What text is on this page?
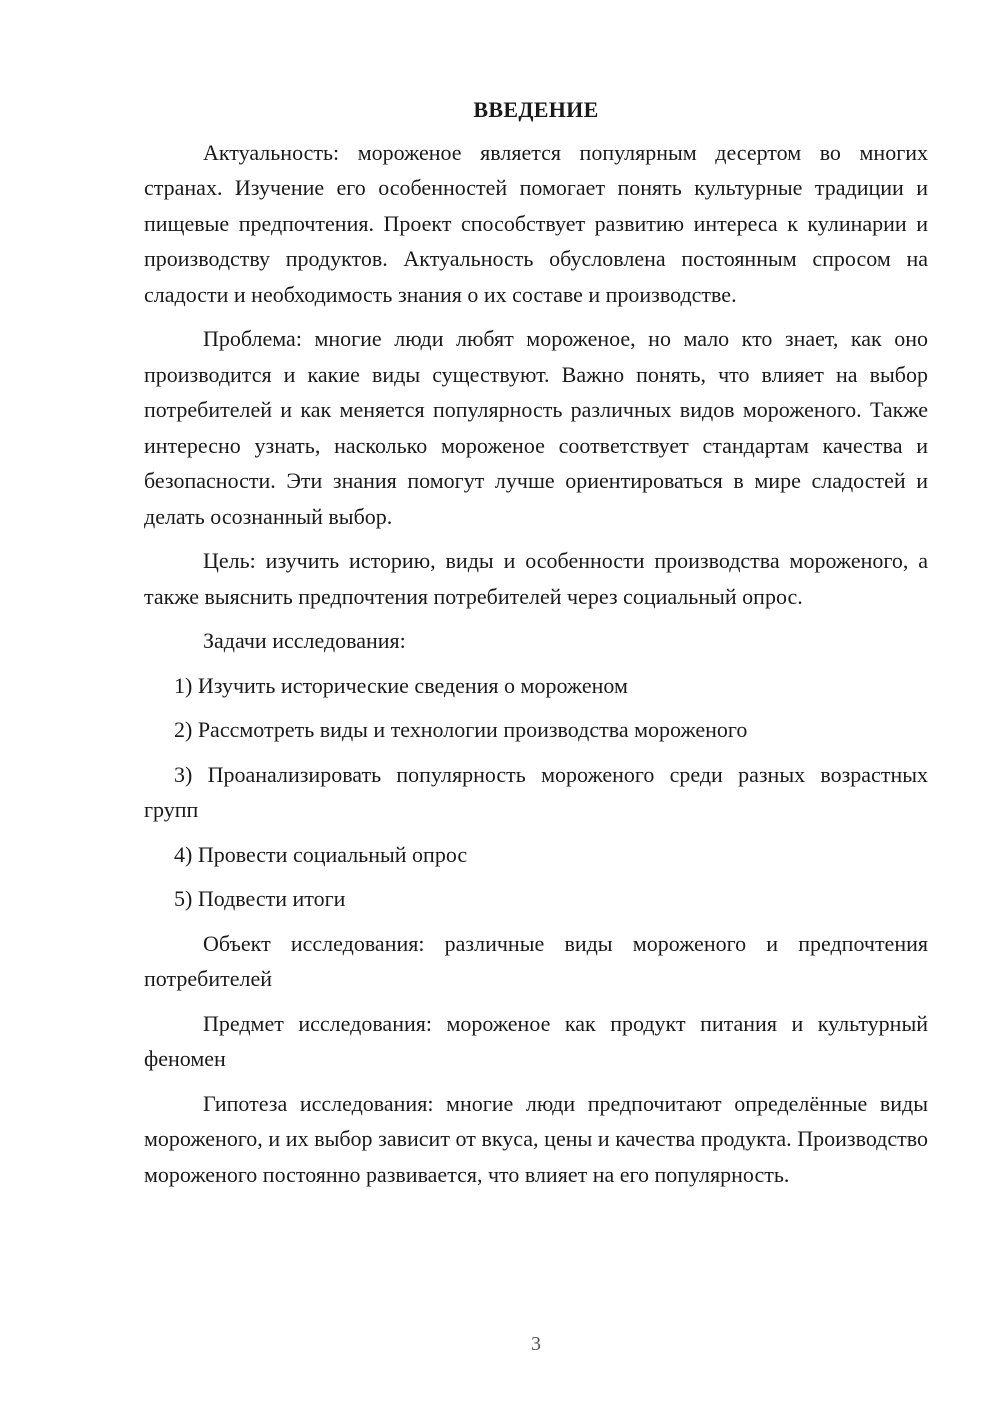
ВВЕДЕНИЕ
Актуальность: мороженое является популярным десертом во многих странах. Изучение его особенностей помогает понять культурные традиции и пищевые предпочтения. Проект способствует развитию интереса к кулинарии и производству продуктов. Актуальность обусловлена постоянным спросом на сладости и необходимость знания о их составе и производстве.
Проблема: многие люди любят мороженое, но мало кто знает, как оно производится и какие виды существуют. Важно понять, что влияет на выбор потребителей и как меняется популярность различных видов мороженого. Также интересно узнать, насколько мороженое соответствует стандартам качества и безопасности. Эти знания помогут лучше ориентироваться в мире сладостей и делать осознанный выбор.
Цель: изучить историю, виды и особенности производства мороженого, а также выяснить предпочтения потребителей через социальный опрос.
Задачи исследования:
1) Изучить исторические сведения о мороженом
2) Рассмотреть виды и технологии производства мороженого
3) Проанализировать популярность мороженого среди разных возрастных групп
4) Провести социальный опрос
5) Подвести итоги
Объект исследования: различные виды мороженого и предпочтения потребителей
Предмет исследования: мороженое как продукт питания и культурный феномен
Гипотеза исследования: многие люди предпочитают определённые виды мороженого, и их выбор зависит от вкуса, цены и качества продукта. Производство мороженого постоянно развивается, что влияет на его популярность.
3
